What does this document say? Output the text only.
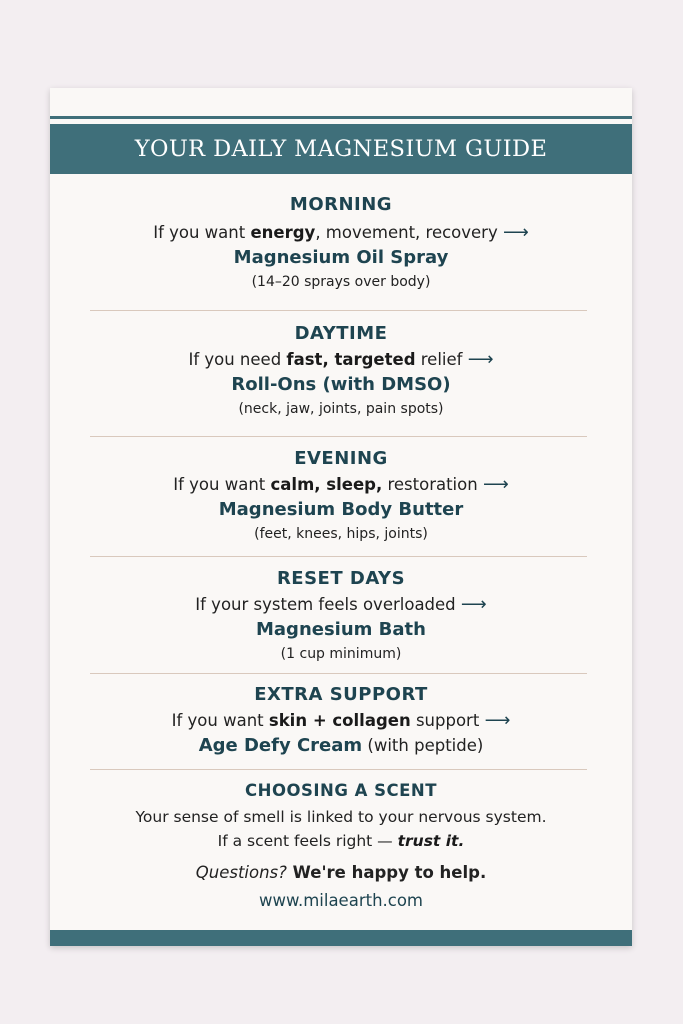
YOUR DAILY MAGNESIUM GUIDE
MORNING
If you want energy, movement, recovery ⟶
Magnesium Oil Spray
(14–20 sprays over body)
DAYTIME
If you need fast, targeted relief ⟶
Roll-Ons (with DMSO)
(neck, jaw, joints, pain spots)
EVENING
If you want calm, sleep, restoration ⟶
Magnesium Body Butter
(feet, knees, hips, joints)
RESET DAYS
If your system feels overloaded ⟶
Magnesium Bath
(1 cup minimum)
EXTRA SUPPORT
If you want skin + collagen support ⟶
Age Defy Cream (with peptide)
CHOOSING A SCENT
Your sense of smell is linked to your nervous system.
If a scent feels right — trust it.
Questions? We're happy to help.
www.milaearth.com
